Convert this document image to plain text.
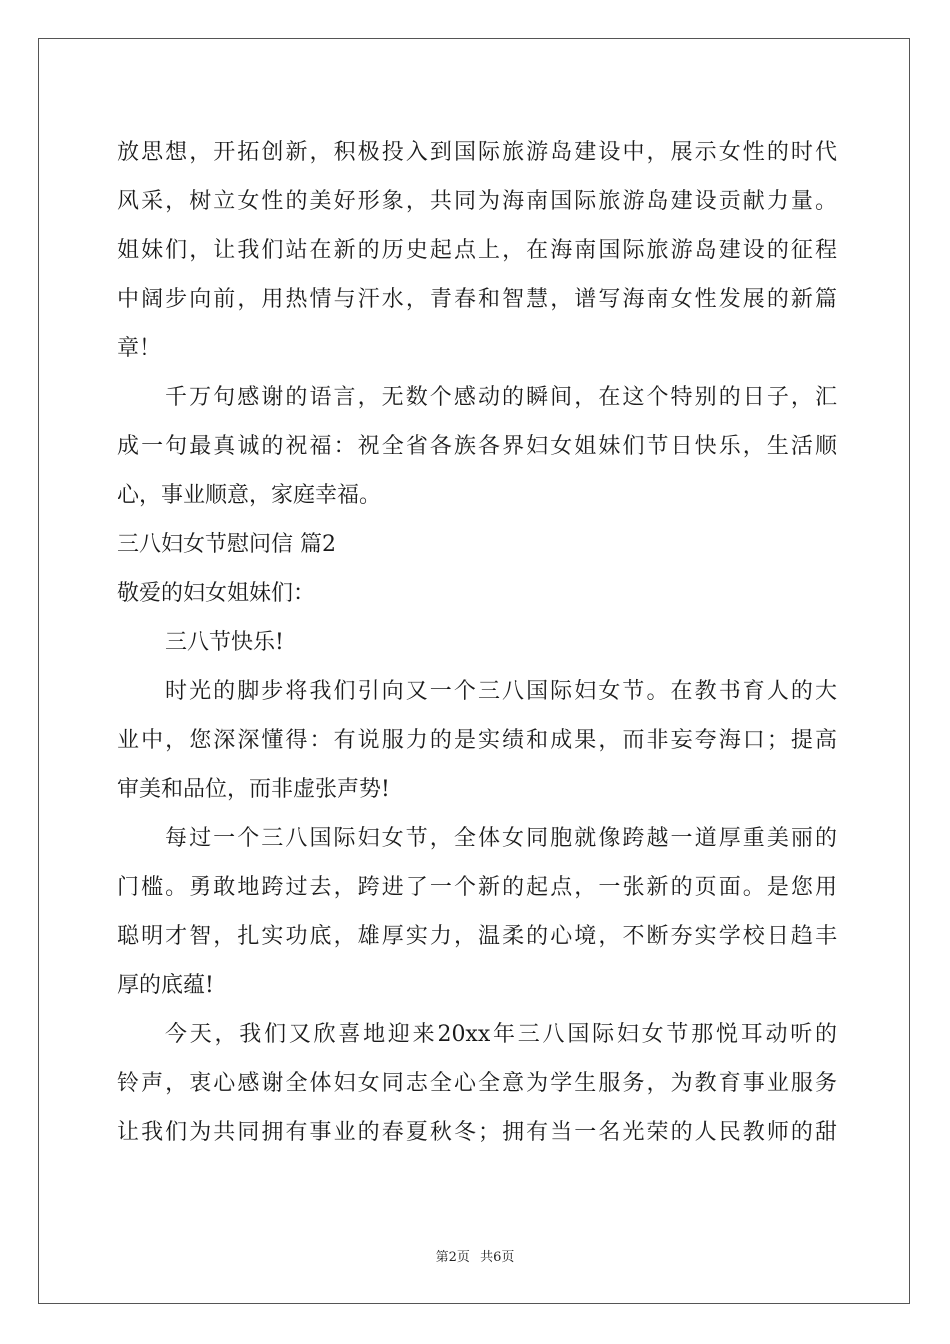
放思想，开拓创新，积极投入到国际旅游岛建设中，展示女性的时代
风采，树立女性的美好形象，共同为海南国际旅游岛建设贡献力量。
姐妹们，让我们站在新的历史起点上，在海南国际旅游岛建设的征程
中阔步向前，用热情与汗水，青春和智慧，谱写海南女性发展的新篇
章！
千万句感谢的语言，无数个感动的瞬间，在这个特别的日子，汇
成一句最真诚的祝福：祝全省各族各界妇女姐妹们节日快乐，生活顺
心，事业顺意，家庭幸福。
三八妇女节慰问信 篇2
敬爱的妇女姐妹们：
三八节快乐!
时光的脚步将我们引向又一个三八国际妇女节。在教书育人的大
业中，您深深懂得：有说服力的是实绩和成果，而非妄夸海口；提高
审美和品位，而非虚张声势!
每过一个三八国际妇女节，全体女同胞就像跨越一道厚重美丽的
门槛。勇敢地跨过去，跨进了一个新的起点，一张新的页面。是您用
聪明才智，扎实功底，雄厚实力，温柔的心境，不断夯实学校日趋丰
厚的底蕴!
今天，我们又欣喜地迎来20xx年三八国际妇女节那悦耳动听的
铃声，衷心感谢全体妇女同志全心全意为学生服务，为教育事业服务
让我们为共同拥有事业的春夏秋冬；拥有当一名光荣的人民教师的甜
第2页 共6页
